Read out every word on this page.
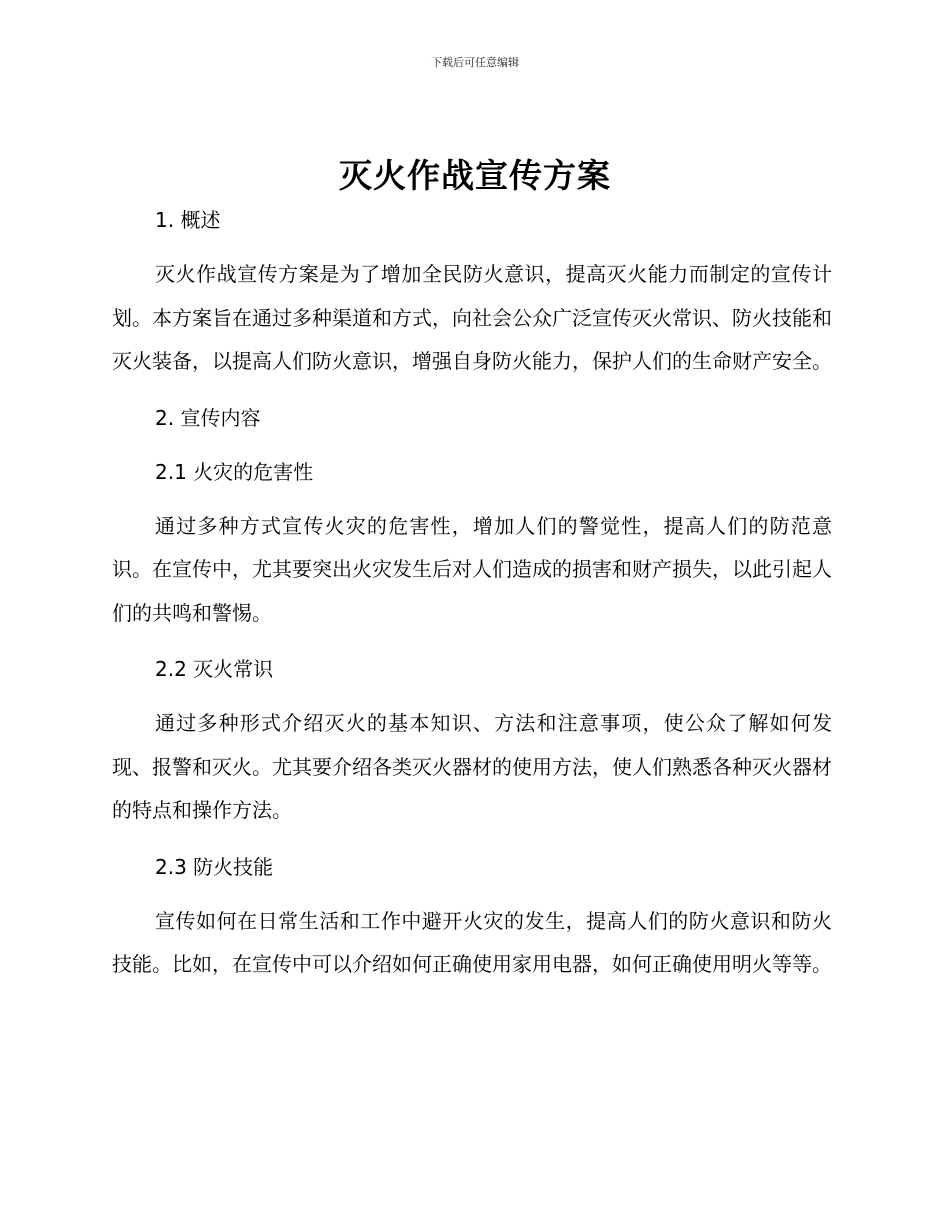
下载后可任意编辑
灭火作战宣传方案
1. 概述

灭火作战宣传方案是为了增加全民防火意识，提高灭火能力而制定的宣传计划。本方案旨在通过多种渠道和方式，向社会公众广泛宣传灭火常识、防火技能和灭火装备，以提高人们防火意识，增强自身防火能力，保护人们的生命财产安全。

2. 宣传内容
2.1 火灾的危害性

通过多种方式宣传火灾的危害性，增加人们的警觉性，提高人们的防范意识。在宣传中，尤其要突出火灾发生后对人们造成的损害和财产损失，以此引起人们的共鸣和警惕。

2.2 灭火常识

通过多种形式介绍灭火的基本知识、方法和注意事项，使公众了解如何发现、报警和灭火。尤其要介绍各类灭火器材的使用方法，使人们熟悉各种灭火器材的特点和操作方法。

2.3 防火技能

宣传如何在日常生活和工作中避开火灾的发生，提高人们的防火意识和防火技能。比如，在宣传中可以介绍如何正确使用家用电器，如何正确使用明火等等。
